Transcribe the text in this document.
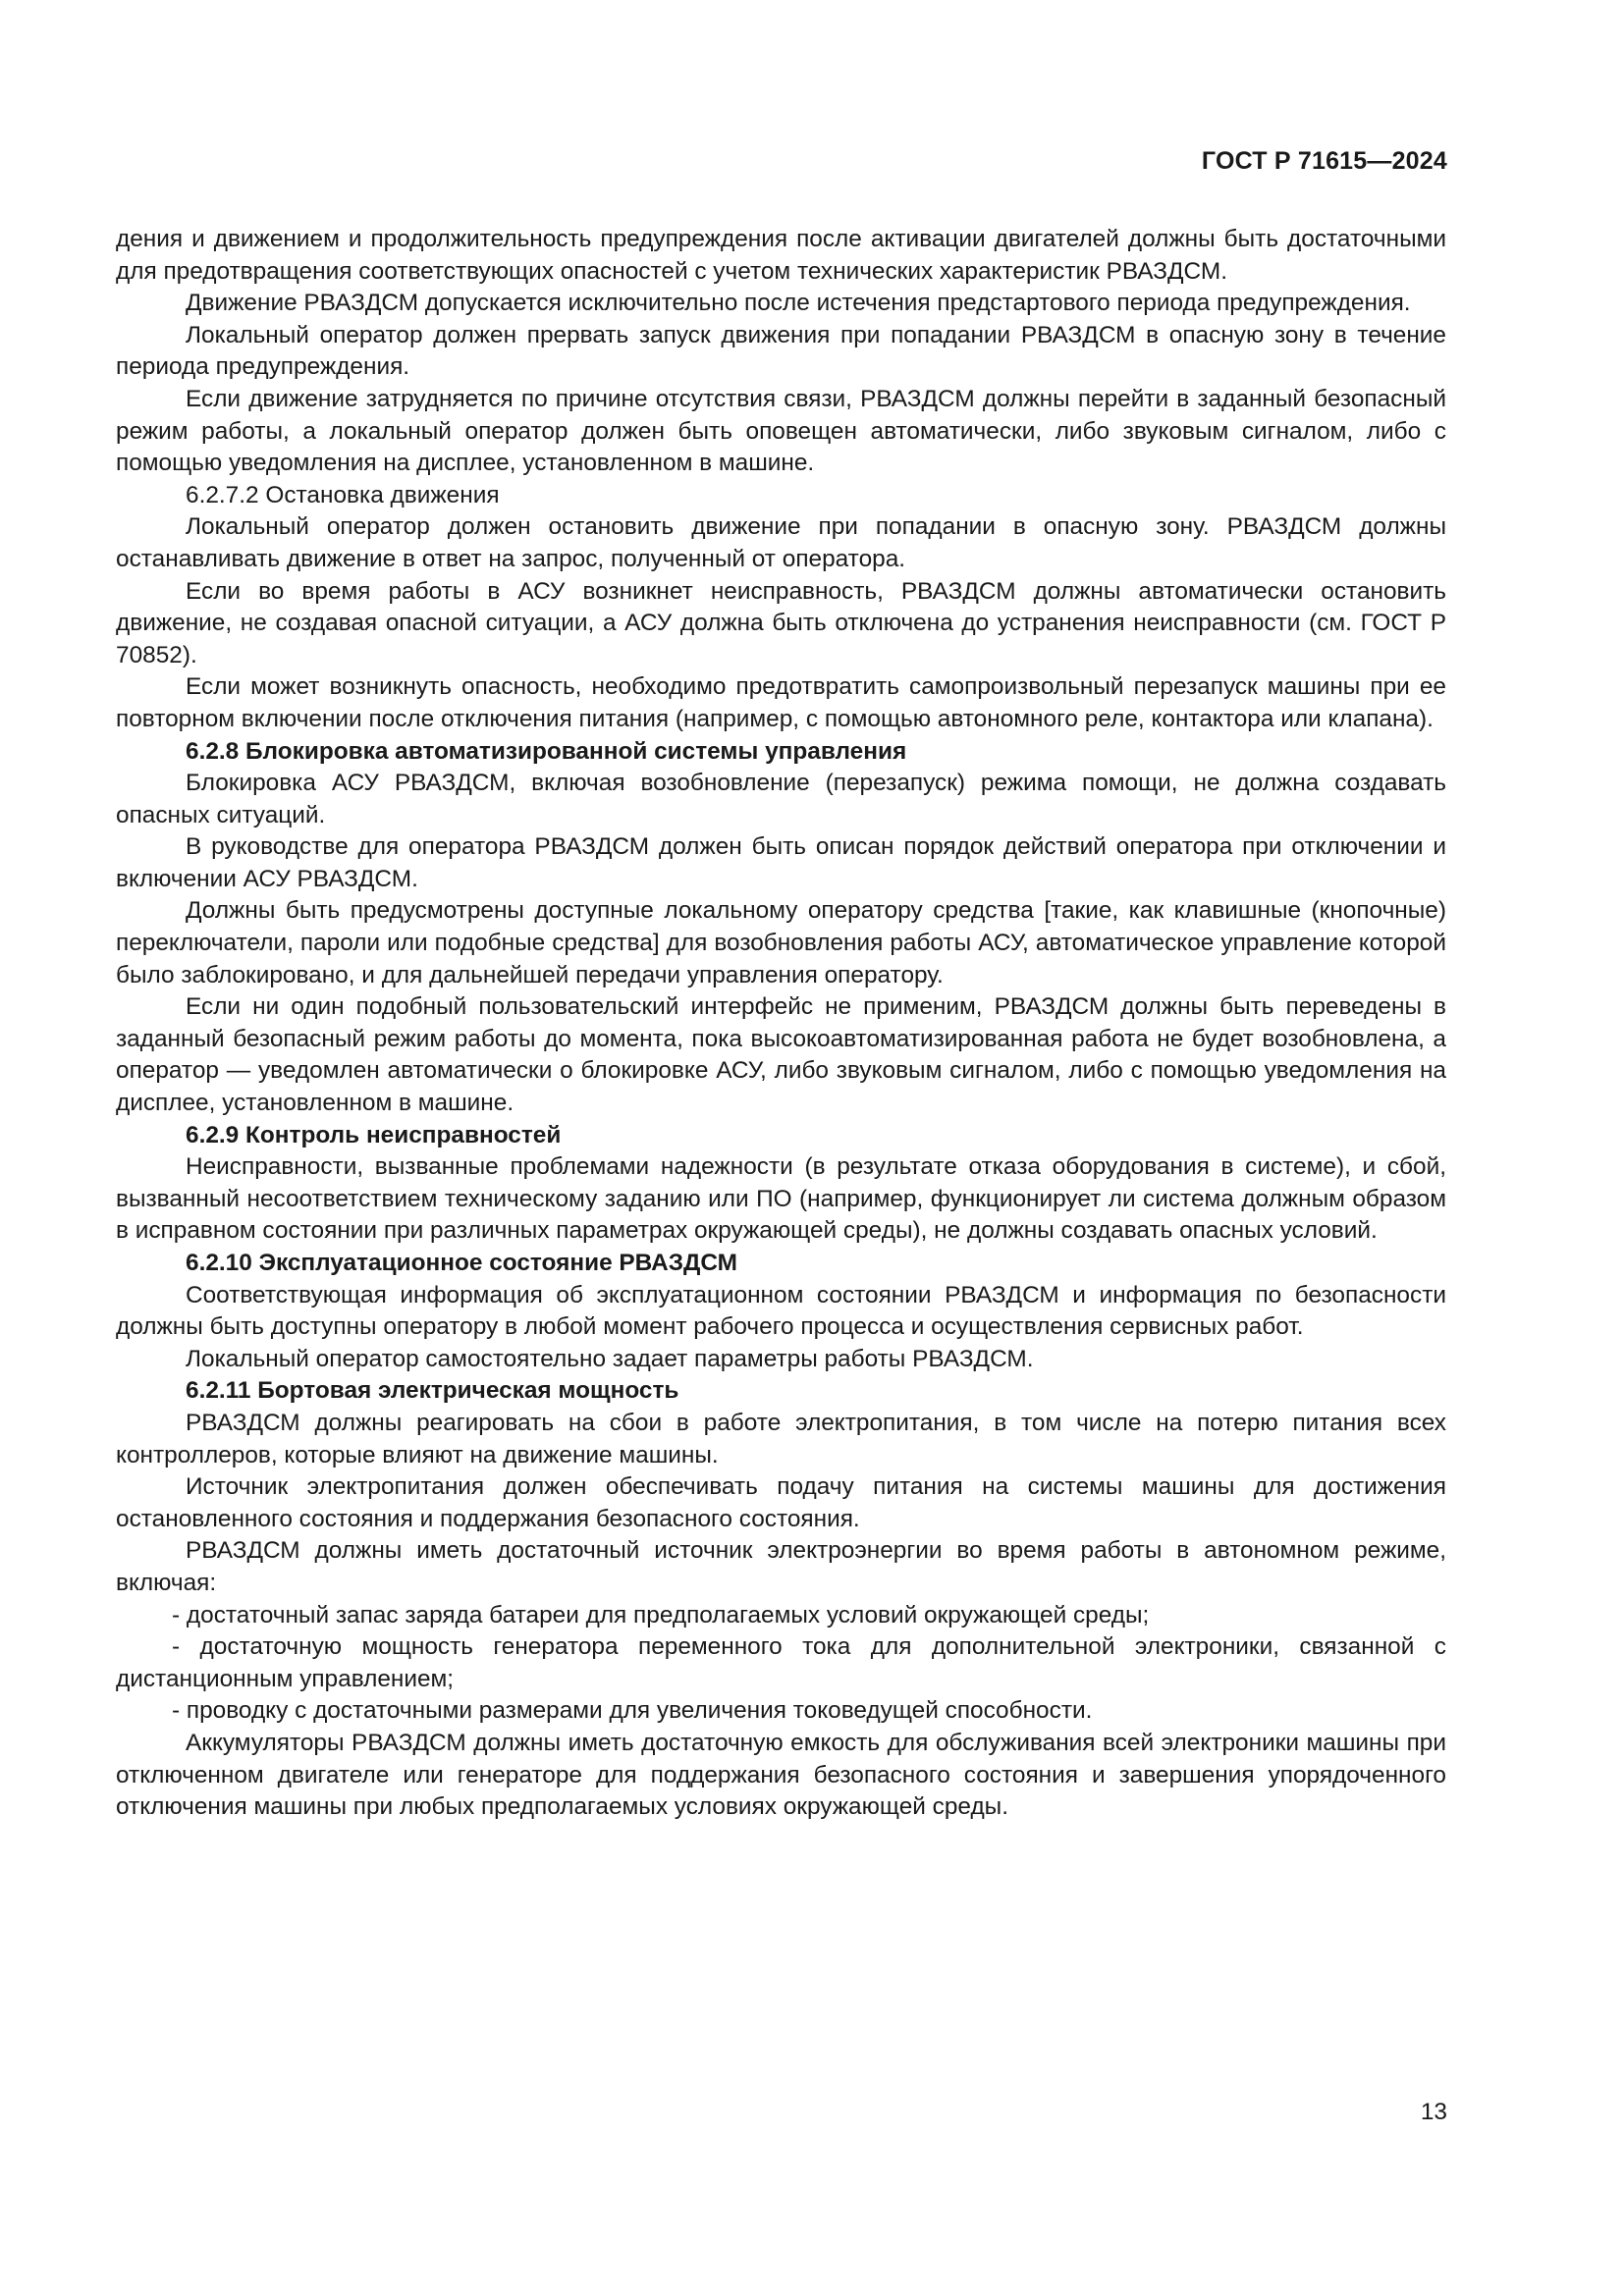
ГОСТ Р 71615—2024

дения и движением и продолжительность предупреждения после активации двигателей должны быть достаточными для предотвращения соответствующих опасностей с учетом технических характеристик РВАЗДСМ.

Движение РВАЗДСМ допускается исключительно после истечения предстартового периода предупреждения.

Локальный оператор должен прервать запуск движения при попадании РВАЗДСМ в опасную зону в течение периода предупреждения.

Если движение затрудняется по причине отсутствия связи, РВАЗДСМ должны перейти в заданный безопасный режим работы, а локальный оператор должен быть оповещен автоматически, либо звуковым сигналом, либо с помощью уведомления на дисплее, установленном в машине.

6.2.7.2 Остановка движения

Локальный оператор должен остановить движение при попадании в опасную зону. РВАЗДСМ должны останавливать движение в ответ на запрос, полученный от оператора.

Если во время работы в АСУ возникнет неисправность, РВАЗДСМ должны автоматически остановить движение, не создавая опасной ситуации, а АСУ должна быть отключена до устранения неисправности (см. ГОСТ Р 70852).

Если может возникнуть опасность, необходимо предотвратить самопроизвольный перезапуск машины при ее повторном включении после отключения питания (например, с помощью автономного реле, контактора или клапана).

6.2.8 Блокировка автоматизированной системы управления

Блокировка АСУ РВАЗДСМ, включая возобновление (перезапуск) режима помощи, не должна создавать опасных ситуаций.

В руководстве для оператора РВАЗДСМ должен быть описан порядок действий оператора при отключении и включении АСУ РВАЗДСМ.

Должны быть предусмотрены доступные локальному оператору средства [такие, как клавишные (кнопочные) переключатели, пароли или подобные средства] для возобновления работы АСУ, автоматическое управление которой было заблокировано, и для дальнейшей передачи управления оператору.

Если ни один подобный пользовательский интерфейс не применим, РВАЗДСМ должны быть переведены в заданный безопасный режим работы до момента, пока высокоавтоматизированная работа не будет возобновлена, а оператор — уведомлен автоматически о блокировке АСУ, либо звуковым сигналом, либо с помощью уведомления на дисплее, установленном в машине.

6.2.9 Контроль неисправностей

Неисправности, вызванные проблемами надежности (в результате отказа оборудования в системе), и сбой, вызванный несоответствием техническому заданию или ПО (например, функционирует ли система должным образом в исправном состоянии при различных параметрах окружающей среды), не должны создавать опасных условий.

6.2.10 Эксплуатационное состояние РВАЗДСМ

Соответствующая информация об эксплуатационном состоянии РВАЗДСМ и информация по безопасности должны быть доступны оператору в любой момент рабочего процесса и осуществления сервисных работ.

Локальный оператор самостоятельно задает параметры работы РВАЗДСМ.

6.2.11 Бортовая электрическая мощность

РВАЗДСМ должны реагировать на сбои в работе электропитания, в том числе на потерю питания всех контроллеров, которые влияют на движение машины.

Источник электропитания должен обеспечивать подачу питания на системы машины для достижения остановленного состояния и поддержания безопасного состояния.

РВАЗДСМ должны иметь достаточный источник электроэнергии во время работы в автономном режиме, включая:

- достаточный запас заряда батареи для предполагаемых условий окружающей среды;

- достаточную мощность генератора переменного тока для дополнительной электроники, связанной с дистанционным управлением;

- проводку с достаточными размерами для увеличения токоведущей способности.

Аккумуляторы РВАЗДСМ должны иметь достаточную емкость для обслуживания всей электроники машины при отключенном двигателе или генераторе для поддержания безопасного состояния и завершения упорядоченного отключения машины при любых предполагаемых условиях окружающей среды.

13
